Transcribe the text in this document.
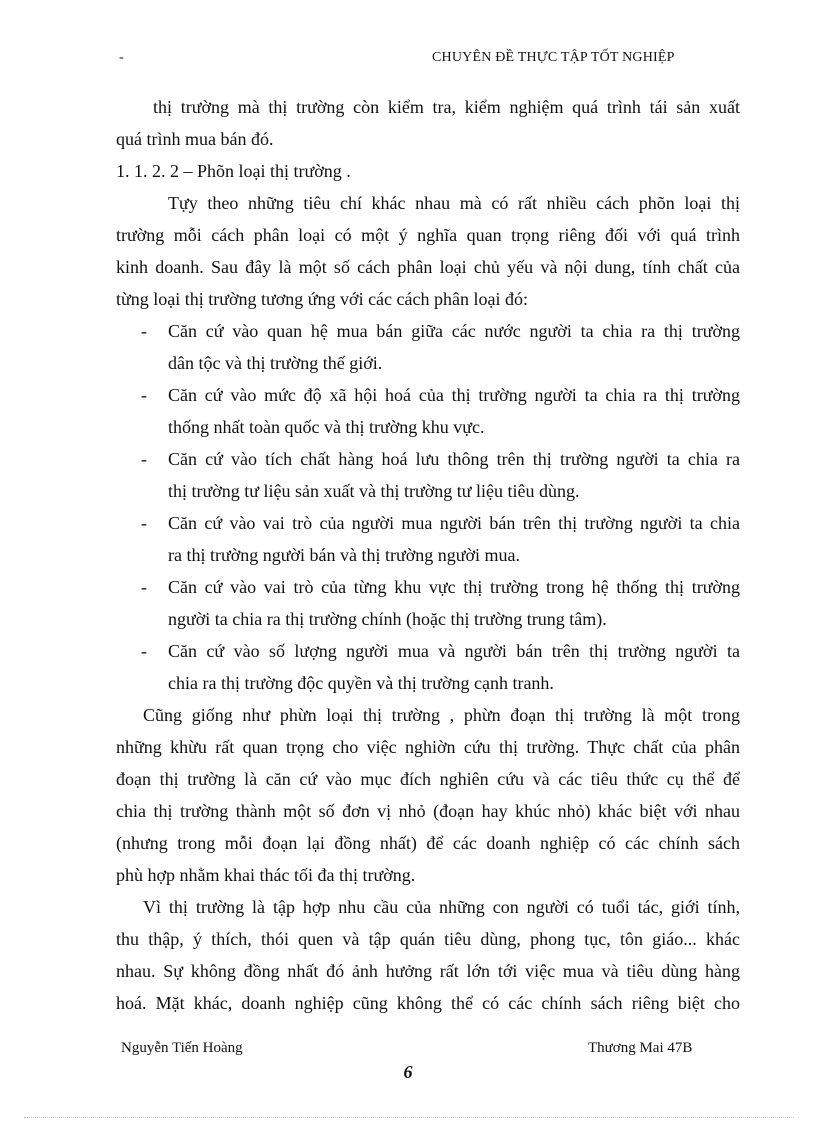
-	CHUYÊN ĐỀ THỰC TẬP TỐT NGHIỆP
thị trường mà thị trường còn kiểm tra, kiểm nghiệm quá trình tái sản xuất
quá trình mua bán đó.
1. 1. 2. 2 – Phõn loại thị trường .
Tựy theo những tiêu chí khác nhau mà có rất nhiều cách phõn loại thị
trường mỗi cách phân loại có một ý nghĩa quan trọng riêng đối với quá trình
kinh doanh. Sau đây là một số cách phân loại chủ yếu và nội dung, tính chất của
từng loại thị trường tương ứng với các cách phân loại đó:
- Căn cứ vào quan hệ mua bán giữa các nước người ta chia ra thị trường
dân tộc và thị trường thế giới.
- Căn cứ vào mức độ xã hội hoá của thị trường người ta chia ra thị trường
thống nhất toàn quốc và thị trường khu vực.
- Căn cứ vào tích chất hàng hoá lưu thông trên thị trường người ta chia ra
thị trường tư liệu sản xuất và thị trường tư liệu tiêu dùng.
- Căn cứ vào vai trò của người mua người bán trên thị trường người ta chia
ra thị trường người bán và thị trường người mua.
- Căn cứ vào vai trò của từng khu vực thị trường trong hệ thống thị trường
người ta chia ra thị trường chính (hoặc thị trường trung tâm).
- Căn cứ vào số lượng người mua và người bán trên thị trường người ta
chia ra thị trường độc quyền và thị trường cạnh tranh.
Cũng giống như phừn loại thị trường , phừn đoạn thị trường là một trong
những khừu rất quan trọng cho việc nghiờn cứu thị trường. Thực chất của phân
đoạn thị trường là căn cứ vào mục đích nghiên cứu và các tiêu thức cụ thể để
chia thị trường thành một số đơn vị nhỏ (đoạn hay khúc nhỏ) khác biệt với nhau
(nhưng trong mỗi đoạn lại đồng nhất) để các doanh nghiệp có các chính sách
phù hợp nhằm khai thác tối đa thị trường.
Vì thị trường là tập hợp nhu cầu của những con người có tuổi tác, giới tính,
thu thập, ý thích, thói quen và tập quán tiêu dùng, phong tục, tôn giáo... khác
nhau. Sự không đồng nhất đó ảnh hưởng rất lớn tới việc mua và tiêu dùng hàng
hoá. Mặt khác, doanh nghiệp cũng không thể có các chính sách riêng biệt cho
Nguyễn Tiến Hoàng	Thương Mai 47B
6
